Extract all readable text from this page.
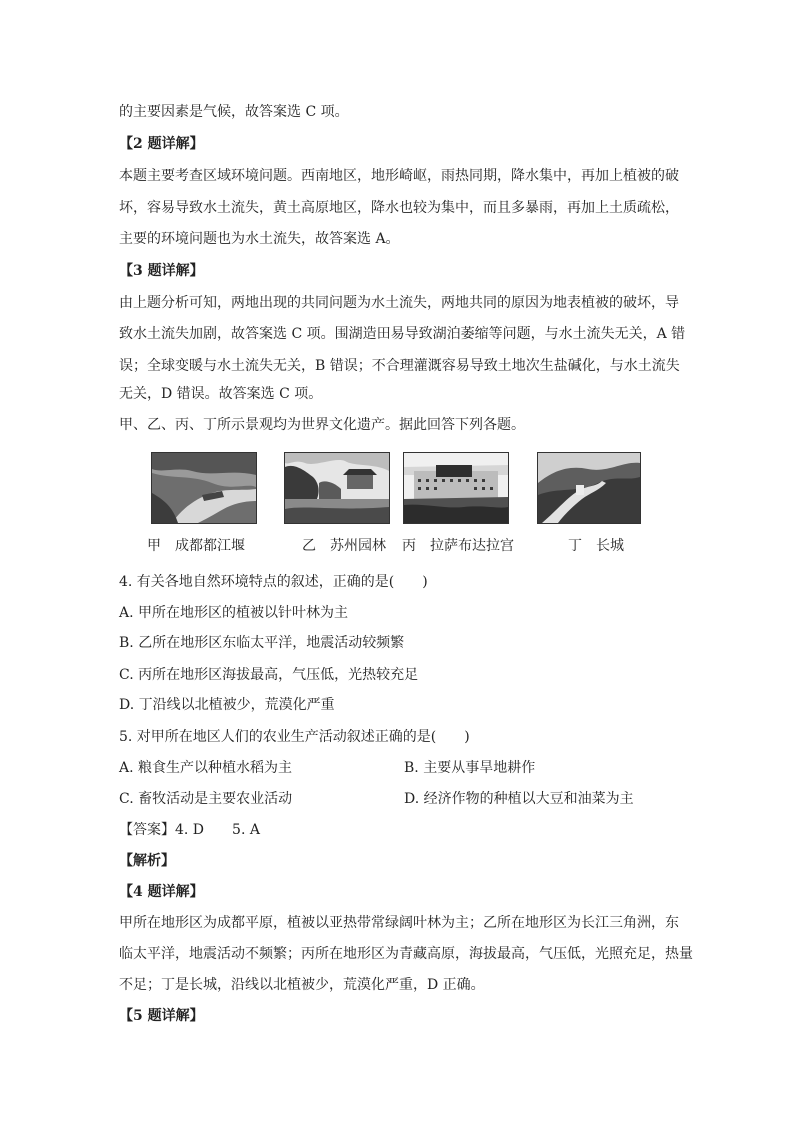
的主要因素是气候，故答案选 C 项。
【2 题详解】
本题主要考查区域环境问题。西南地区，地形崎岖，雨热同期，降水集中，再加上植被的破
坏，容易导致水土流失，黄土高原地区，降水也较为集中，而且多暴雨，再加上土质疏松，
主要的环境问题也为水土流失，故答案选 A。
【3 题详解】
由上题分析可知，两地出现的共同问题为水土流失，两地共同的原因为地表植被的破坏，导
致水土流失加剧，故答案选 C 项。围湖造田易导致湖泊萎缩等问题，与水土流失无关，A 错
误；全球变暖与水土流失无关，B 错误；不合理灌溉容易导致土地次生盐碱化，与水土流失
无关，D 错误。故答案选 C 项。
甲、乙、丙、丁所示景观均为世界文化遗产。据此回答下列各题。
甲　成都都江堰	乙　苏州园林 丙　拉萨布达拉宫	丁　长城
4. 有关各地自然环境特点的叙述，正确的是(　　)
A. 甲所在地形区的植被以针叶林为主
B. 乙所在地形区东临太平洋，地震活动较频繁
C. 丙所在地形区海拔最高，气压低，光热较充足
D. 丁沿线以北植被少，荒漠化严重
5. 对甲所在地区人们的农业生产活动叙述正确的是(　　)
A. 粮食生产以种植水稻为主	B. 主要从事旱地耕作
C. 畜牧活动是主要农业活动	D. 经济作物的种植以大豆和油菜为主
【答案】4. D　　5. A
【解析】
【4 题详解】
甲所在地形区为成都平原，植被以亚热带常绿阔叶林为主；乙所在地形区为长江三角洲，东
临太平洋，地震活动不频繁；丙所在地形区为青藏高原，海拔最高，气压低，光照充足，热量
不足；丁是长城，沿线以北植被少，荒漠化严重，D 正确。
【5 题详解】
